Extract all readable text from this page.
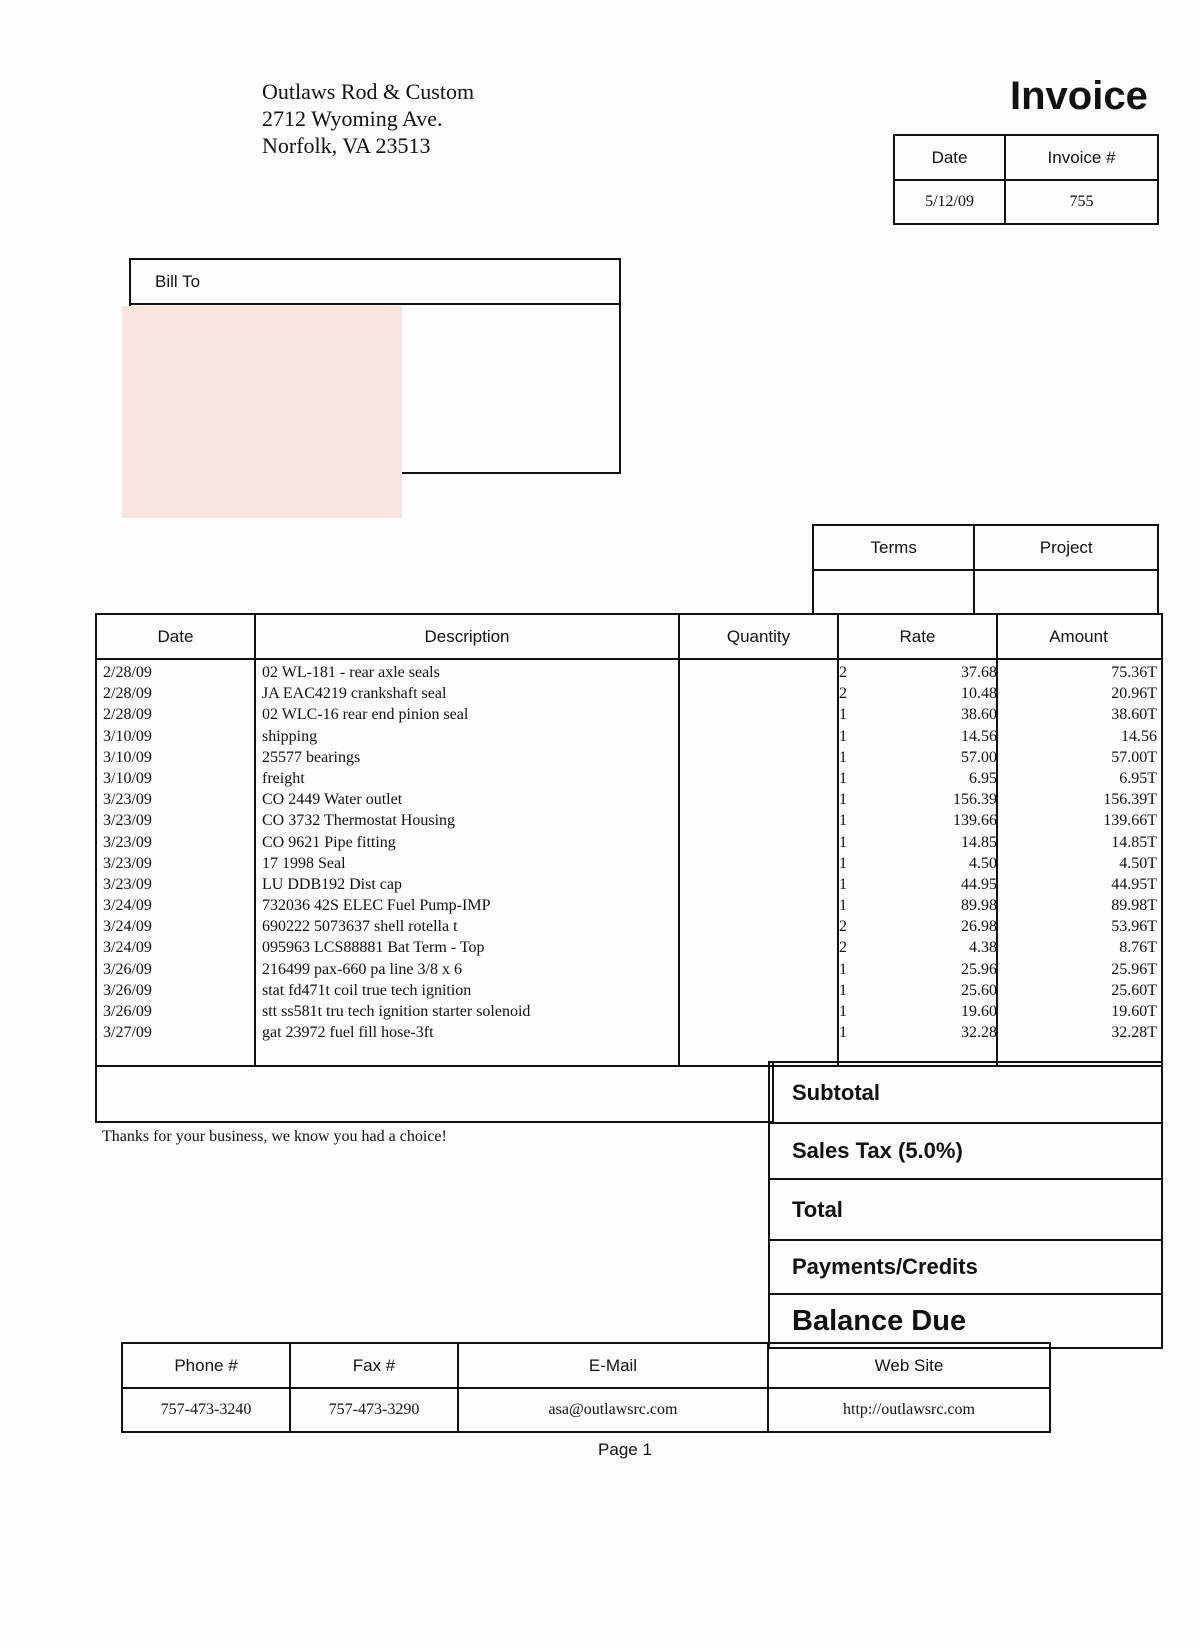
Outlaws Rod & Custom
2712 Wyoming Ave.
Norfolk, VA 23513
Invoice
Date	Invoice #
5/12/09	755
Bill To
Terms	Project

Date	Description	Quantity	Rate	Amount
2/28/09	02 WL-181 - rear axle seals	2	37.68	75.36T
2/28/09	JA EAC4219 crankshaft seal	2	10.48	20.96T
2/28/09	02 WLC-16 rear end pinion seal	1	38.60	38.60T
3/10/09	shipping	1	14.56	14.56
3/10/09	25577 bearings	1	57.00	57.00T
3/10/09	freight	1	6.95	6.95T
3/23/09	CO 2449 Water outlet	1	156.39	156.39T
3/23/09	CO 3732 Thermostat Housing	1	139.66	139.66T
3/23/09	CO 9621 Pipe fitting	1	14.85	14.85T
3/23/09	17 1998 Seal	1	4.50	4.50T
3/23/09	LU DDB192 Dist cap	1	44.95	44.95T
3/24/09	732036 42S ELEC Fuel Pump-IMP	1	89.98	89.98T
3/24/09	690222 5073637 shell rotella t	2	26.98	53.96T
3/24/09	095963 LCS88881 Bat Term - Top	2	4.38	8.76T
3/26/09	216499 pax-660 pa line 3/8 x 6	1	25.96	25.96T
3/26/09	stat fd471t coil true tech ignition	1	25.60	25.60T
3/26/09	stt ss581t tru tech ignition starter solenoid	1	19.60	19.60T
3/27/09	gat 23972 fuel fill hose-3ft	1	32.28	32.28T
Thanks for your business, we know you had a choice!
Subtotal
Sales Tax (5.0%)
Total
Payments/Credits
Balance Due
Phone #	Fax #	E-Mail	Web Site
757-473-3240	757-473-3290	asa@outlawsrc.com	http://outlawsrc.com
Page 1
